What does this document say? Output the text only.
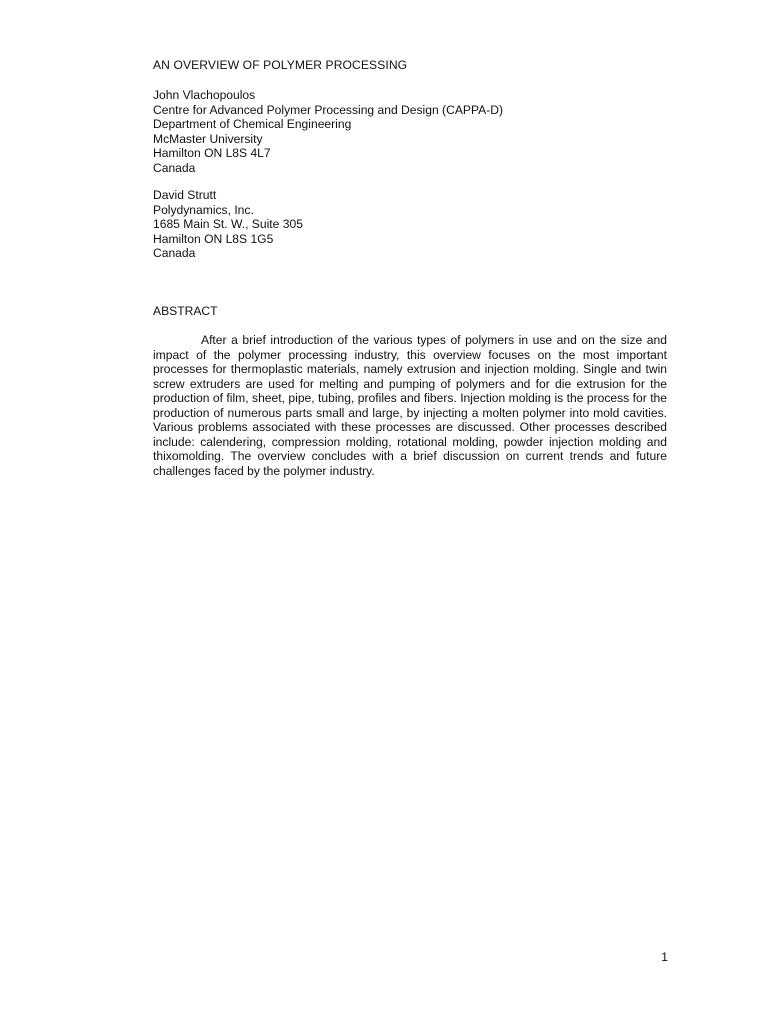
AN OVERVIEW OF POLYMER PROCESSING
John Vlachopoulos
Centre for Advanced Polymer Processing and Design (CAPPA-D)
Department of Chemical Engineering
McMaster University
Hamilton ON L8S 4L7
Canada
David Strutt
Polydynamics, Inc.
1685 Main St. W., Suite 305
Hamilton ON L8S 1G5
Canada
ABSTRACT

After a brief introduction of the various types of polymers in use and on the size and impact of the polymer processing industry, this overview focuses on the most important processes for thermoplastic materials, namely extrusion and injection molding. Single and twin screw extruders are used for melting and pumping of polymers and for die extrusion for the production of film, sheet, pipe, tubing, profiles and fibers. Injection molding is the process for the production of numerous parts small and large, by injecting a molten polymer into mold cavities. Various problems associated with these processes are discussed. Other processes described include: calendering, compression molding, rotational molding, powder injection molding and thixomolding. The overview concludes with a brief discussion on current trends and future challenges faced by the polymer industry.

1
